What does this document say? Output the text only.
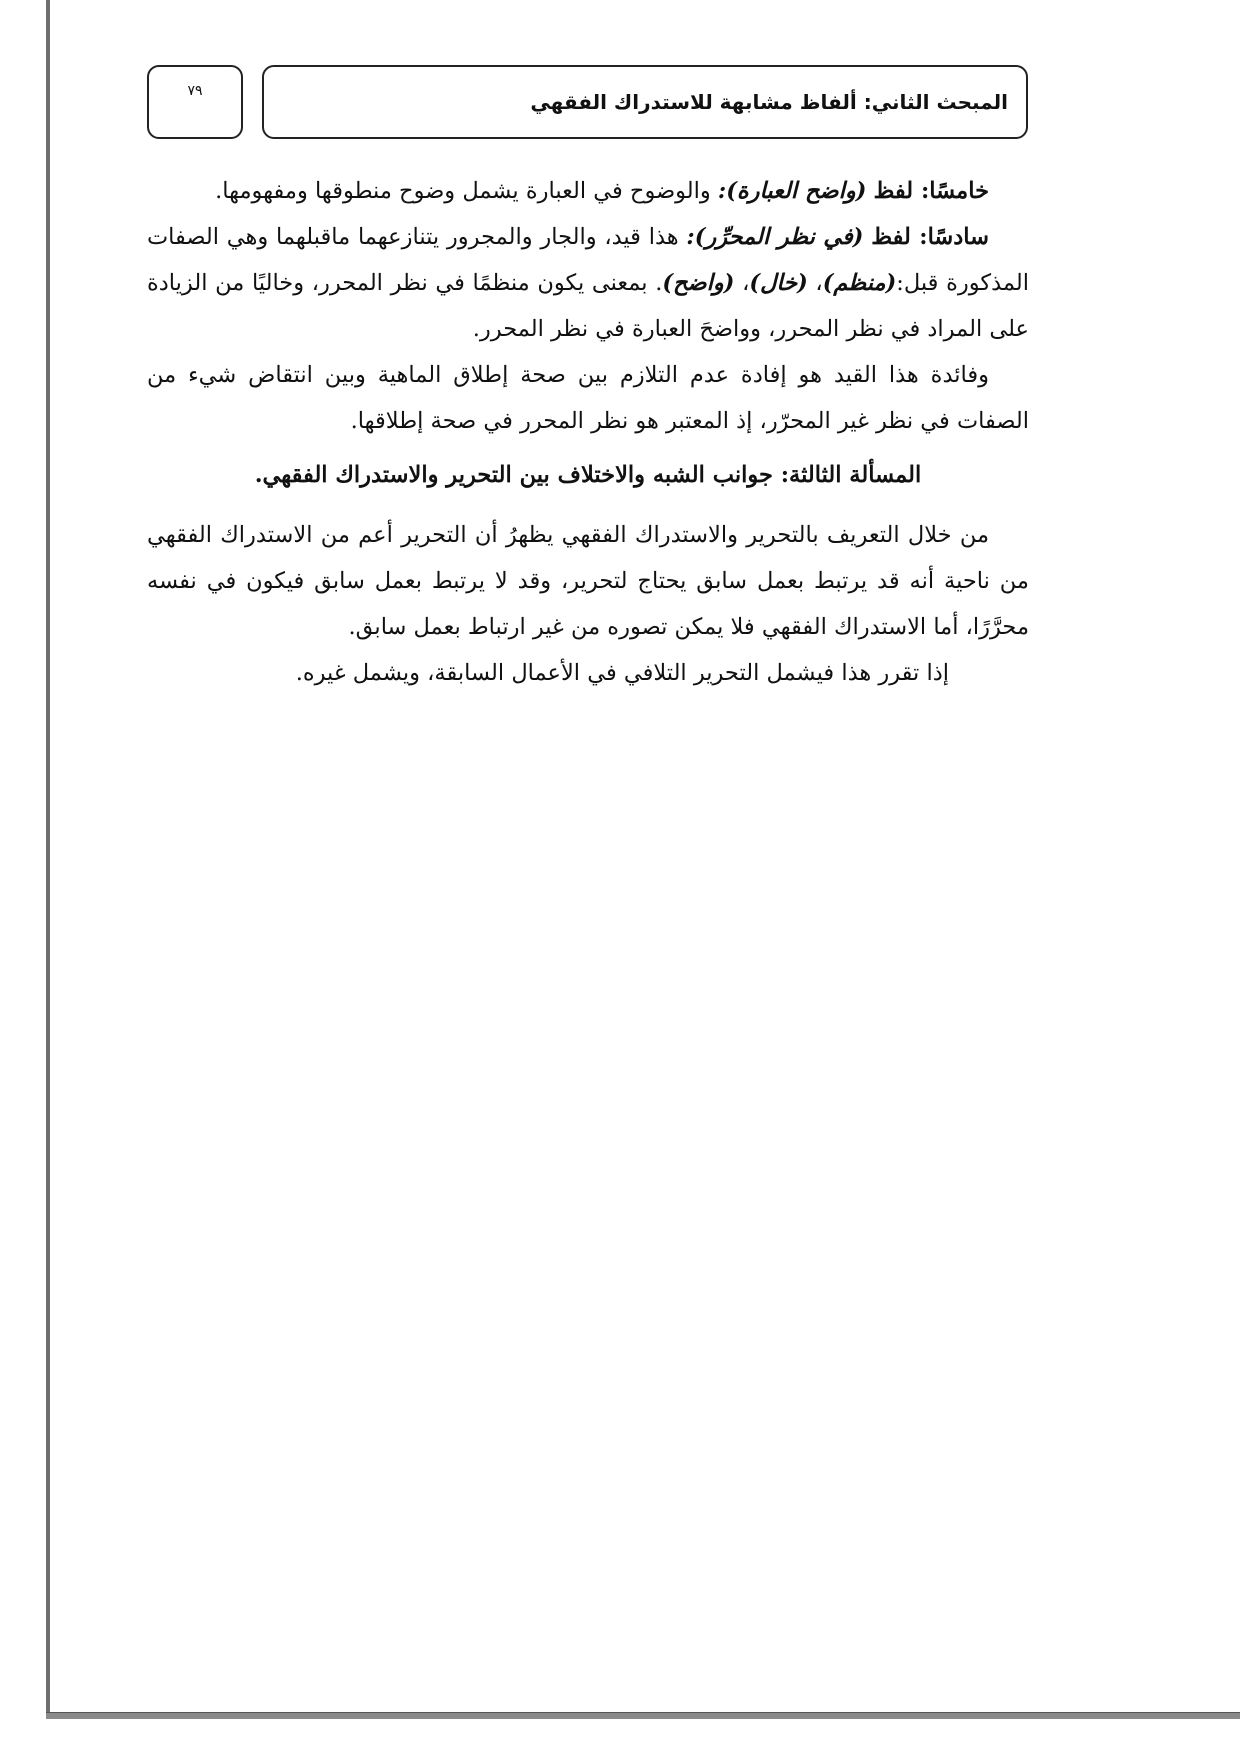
المبحث الثاني: ألفاظ مشابهة للاستدراك الفقهي
٧٩

خامسًا: لفظ (واضح العبارة): والوضوح في العبارة يشمل وضوح منطوقها ومفهومها.

سادسًا: لفظ (في نظر المحرِّر): هذا قيد، والجار والمجرور يتنازعهما ماقبلهما وهي الصفات المذكورة قبل:(منظم)، (خال)، (واضح). بمعنى يكون منظمًا في نظر المحرر، وخاليًا من الزيادة على المراد في نظر المحرر، وواضحَ العبارة في نظر المحرر.

وفائدة هذا القيد هو إفادة عدم التلازم بين صحة إطلاق الماهية وبين انتقاض شيء من الصفات في نظر غير المحرّر، إذ المعتبر هو نظر المحرر في صحة إطلاقها.

المسألة الثالثة: جوانب الشبه والاختلاف بين التحرير والاستدراك الفقهي.

من خلال التعريف بالتحرير والاستدراك الفقهي يظهرُ أن التحرير أعم من الاستدراك الفقهي من ناحية أنه قد يرتبط بعمل سابق يحتاج لتحرير، وقد لا يرتبط بعمل سابق فيكون في نفسه محرَّرًا، أما الاستدراك الفقهي فلا يمكن تصوره من غير ارتباط بعمل سابق.

إذا تقرر هذا فيشمل التحرير التلافي في الأعمال السابقة، ويشمل غيره.
